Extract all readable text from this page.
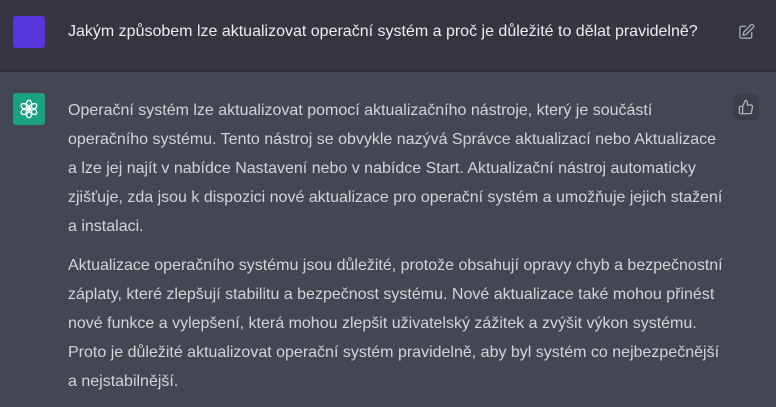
Jakým způsobem lze aktualizovat operační systém a proč je důležité to dělat pravidelně?

Operační systém lze aktualizovat pomocí aktualizačního nástroje, který je součástí operačního systému. Tento nástroj se obvykle nazývá Správce aktualizací nebo Aktualizace a lze jej najít v nabídce Nastavení nebo v nabídce Start. Aktualizační nástroj automaticky zjišťuje, zda jsou k dispozici nové aktualizace pro operační systém a umožňuje jejich stažení a instalaci.

Aktualizace operačního systému jsou důležité, protože obsahují opravy chyb a bezpečnostní záplaty, které zlepšují stabilitu a bezpečnost systému. Nové aktualizace také mohou přinést nové funkce a vylepšení, která mohou zlepšit uživatelský zážitek a zvýšit výkon systému. Proto je důležité aktualizovat operační systém pravidelně, aby byl systém co nejbezpečnější a nejstabilnější.
